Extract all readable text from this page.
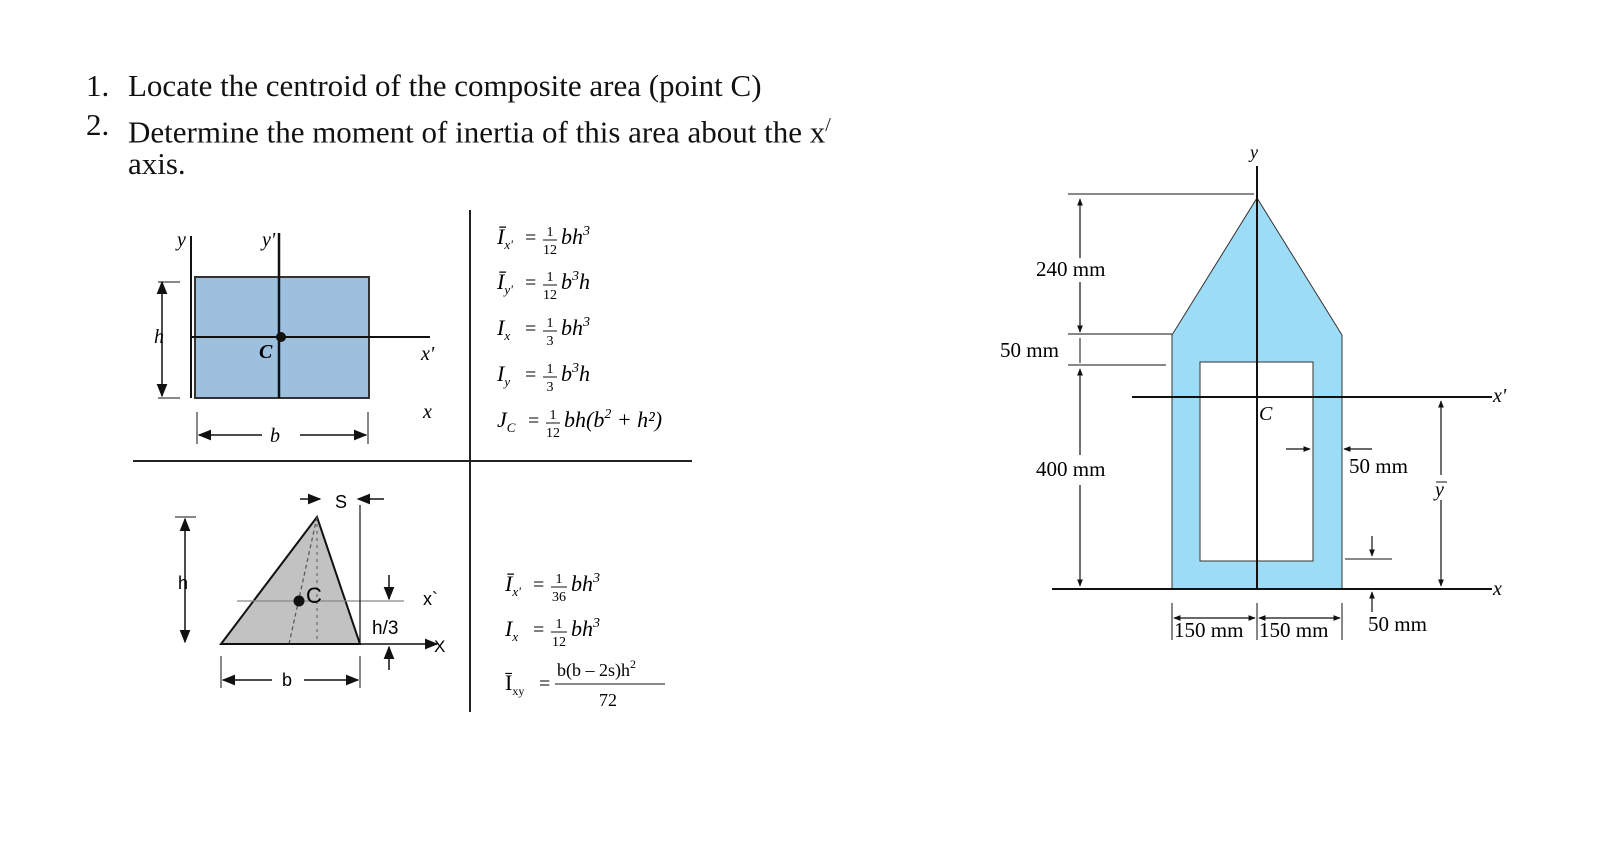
1. Locate the centroid of the composite area (point C)
2. Determine the moment of inertia of this area about the x/
axis.
y	y'
h
C	x'
x
b
$Ī_{x'} = 1$
12
$bh^3$
$Ī_{y'} = 1$
12
$b^3h$
$I_x = 1$
3
$bh^3$
$I_y = 1$
3
$b^3h$
$J_C = 1$
12
$bh(b^2 + h^2)$
S
h	C	x`
h/3
X
b
$Ī_{x'} = 1$
36
$bh^3$
$I_x = 1$
12
$bh^3$
$Ī_{xy}$ =
$b(b - 2s)h^2$
72
y
240 mm
50 mm
400 mm
C
x'
50 mm
y
x
150 mm 150 mm 50 mm
